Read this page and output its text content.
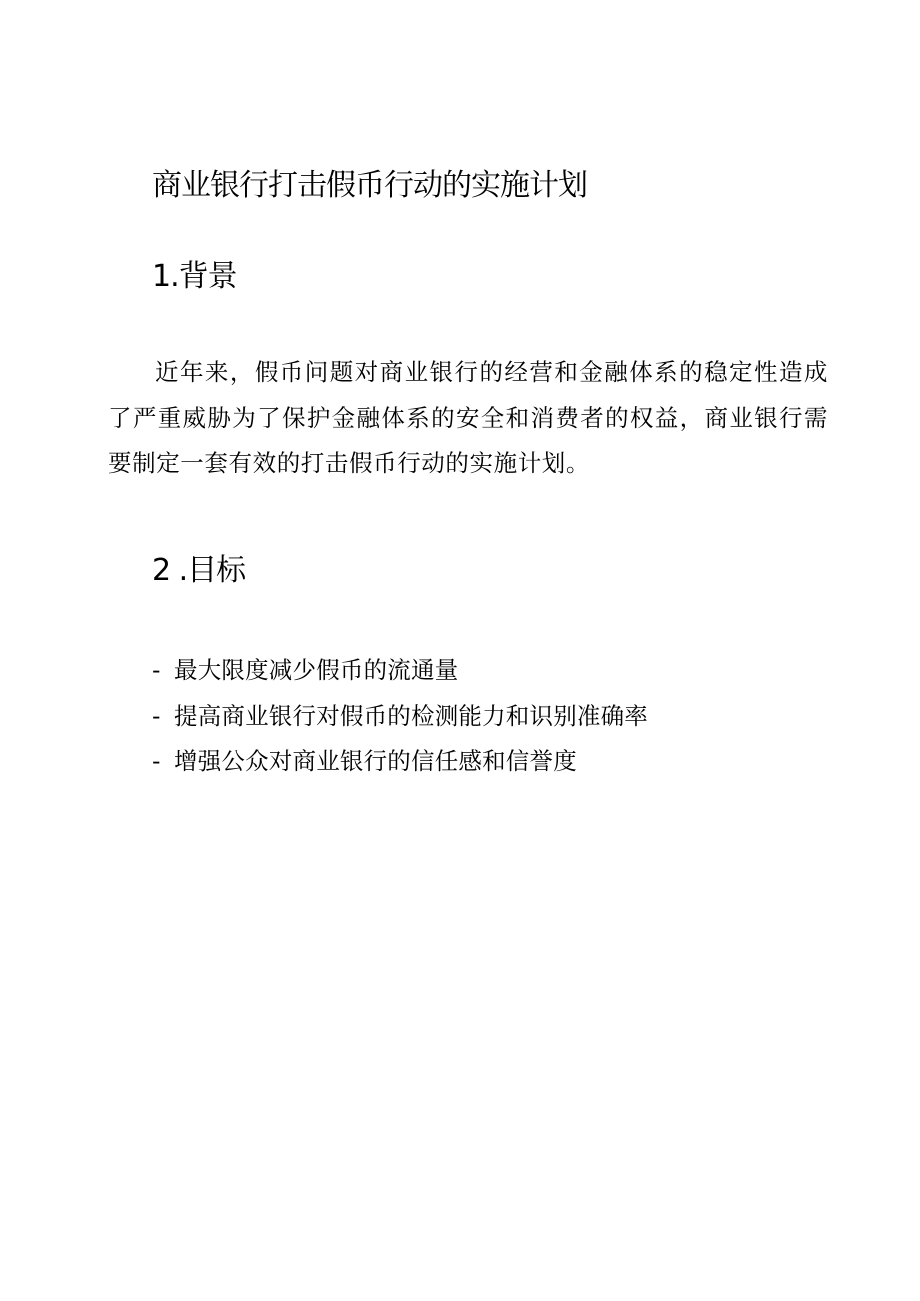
商业银行打击假币行动的实施计划
1.背景

近年来，假币问题对商业银行的经营和金融体系的稳定性造成了严重威胁为了保护金融体系的安全和消费者的权益，商业银行需要制定一套有效的打击假币行动的实施计划。

2 .目标
- 最大限度减少假币的流通量
- 提高商业银行对假币的检测能力和识别准确率
- 增强公众对商业银行的信任感和信誉度
